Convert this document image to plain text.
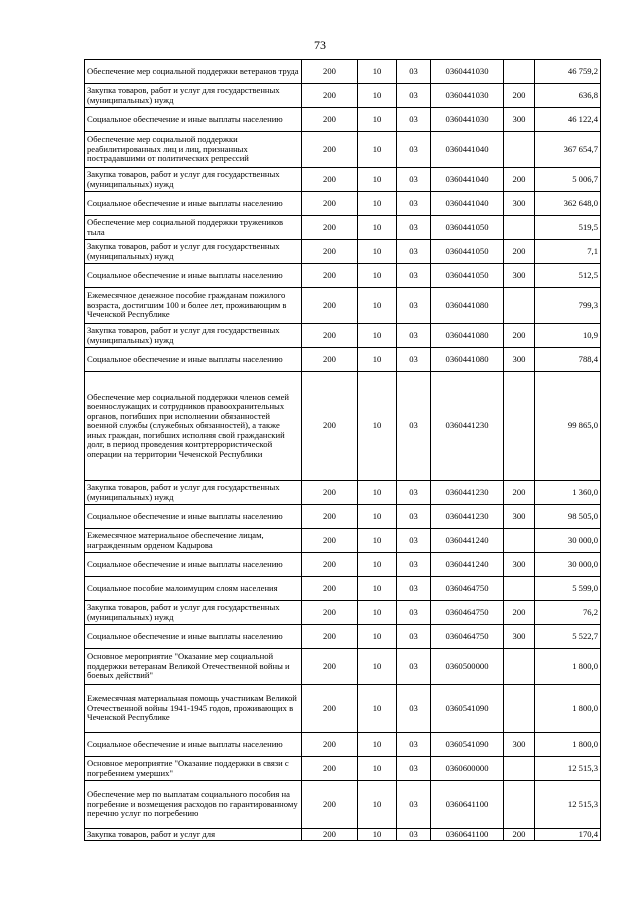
73
Обеспечение мер социальной поддержки ветеранов труда	200	10	03	0360441030		46 759,2
Закупка товаров, работ и услуг для государственных (муниципальных) нужд	200	10	03	0360441030	200	636,8
Социальное обеспечение и иные выплаты населению	200	10	03	0360441030	300	46 122,4
Обеспечение мер социальной поддержки реабилитированных лиц и лиц, признанных пострадавшими от политических репрессий	200	10	03	0360441040		367 654,7
Закупка товаров, работ и услуг для государственных (муниципальных) нужд	200	10	03	0360441040	200	5 006,7
Социальное обеспечение и иные выплаты населению	200	10	03	0360441040	300	362 648,0
Обеспечение мер социальной поддержки тружеников тыла	200	10	03	0360441050		519,5
Закупка товаров, работ и услуг для государственных (муниципальных) нужд	200	10	03	0360441050	200	7,1
Социальное обеспечение и иные выплаты населению	200	10	03	0360441050	300	512,5
Ежемесячное денежное пособие гражданам пожилого возраста, достигшим 100 и более лет, проживающим в Чеченской Республике	200	10	03	0360441080		799,3
Закупка товаров, работ и услуг для государственных (муниципальных) нужд	200	10	03	0360441080	200	10,9
Социальное обеспечение и иные выплаты населению	200	10	03	0360441080	300	788,4
Обеспечение мер социальной поддержки членов семей военнослужащих и сотрудников правоохранительных органов, погибших при исполнении обязанностей военной службы (служебных обязанностей), а также иных граждан, погибших исполняя свой гражданский долг, в период проведения контртеррористической операции на территории Чеченской Республики	200	10	03	0360441230		99 865,0
Закупка товаров, работ и услуг для государственных (муниципальных) нужд	200	10	03	0360441230	200	1 360,0
Социальное обеспечение и иные выплаты населению	200	10	03	0360441230	300	98 505,0
Ежемесячное материальное обеспечение лицам, награжденным орденом Кадырова	200	10	03	0360441240		30 000,0
Социальное обеспечение и иные выплаты населению	200	10	03	0360441240	300	30 000,0
Социальное пособие малоимущим слоям населения	200	10	03	0360464750		5 599,0
Закупка товаров, работ и услуг для государственных (муниципальных) нужд	200	10	03	0360464750	200	76,2
Социальное обеспечение и иные выплаты населению	200	10	03	0360464750	300	5 522,7
Основное мероприятие "Оказание мер социальной поддержки ветеранам Великой Отечественной войны и боевых действий"	200	10	03	0360500000		1 800,0
Ежемесячная материальная помощь участникам Великой Отечественной войны 1941-1945 годов, проживающих в Чеченской Республике	200	10	03	0360541090		1 800,0
Социальное обеспечение и иные выплаты населению	200	10	03	0360541090	300	1 800,0
Основное мероприятие "Оказание поддержки в связи с погребением умерших"	200	10	03	0360600000		12 515,3
Обеспечение мер по выплатам социального пособия на погребение и возмещения расходов по гарантированному перечню услуг по погребению	200	10	03	0360641100		12 515,3
Закупка товаров, работ и услуг для	200	10	03	0360641100	200	170,4
